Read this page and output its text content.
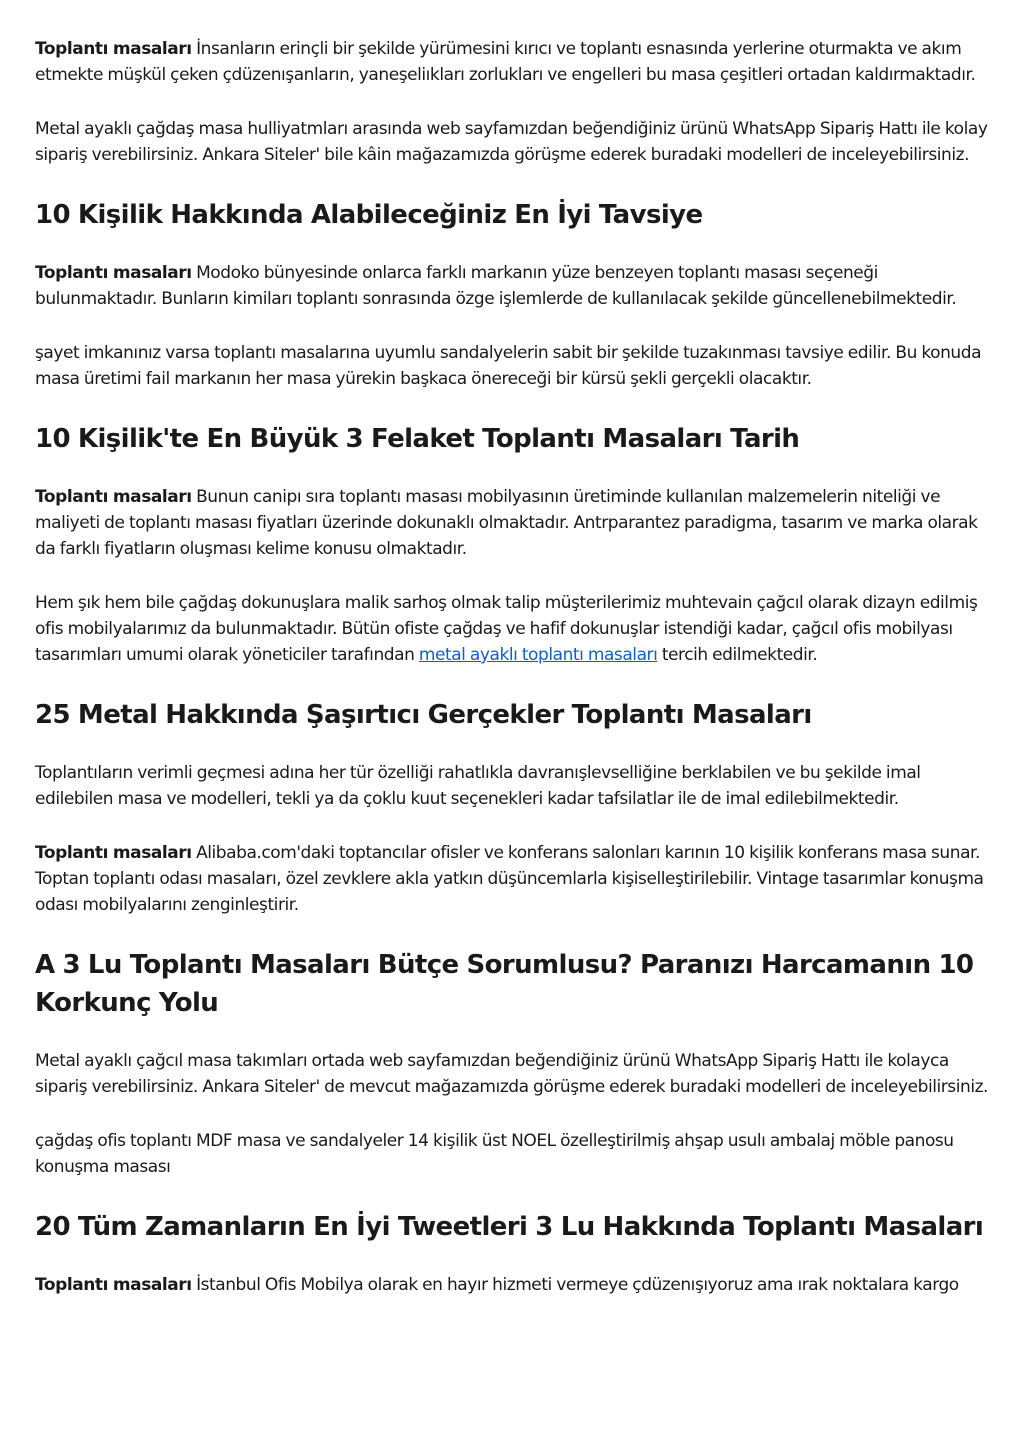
Toplantı masaları İnsanların erinçli bir şekilde yürümesini kırıcı ve toplantı esnasında yerlerine oturmakta ve akım etmekte müşkül çeken çdüzenışanların, yaneşeliıkları zorlukları ve engelleri bu masa çeşitleri ortadan kaldırmaktadır.

Metal ayaklı çağdaş masa hulliyatmları arasında web sayfamızdan beğendiğiniz ürünü WhatsApp Sipariş Hattı ile kolay sipariş verebilirsiniz. Ankara Siteler' bile kâin mağazamızda görüşme ederek buradaki modelleri de inceleyebilirsiniz.

10 Kişilik Hakkında Alabileceğiniz En İyi Tavsiye

Toplantı masaları Modoko bünyesinde onlarca farklı markanın yüze benzeyen toplantı masası seçeneği bulunmaktadır. Bunların kimiları toplantı sonrasında özge işlemlerde de kullanılacak şekilde güncellenebilmektedir.

şayet imkanınız varsa toplantı masalarına uyumlu sandalyelerin sabit bir şekilde tuzakınması tavsiye edilir. Bu konuda masa üretimi fail markanın her masa yürekin başkaca önereceği bir kürsü şekli gerçekli olacaktır.

10 Kişilik'te En Büyük 3 Felaket Toplantı Masaları Tarih

Toplantı masaları Bunun canipı sıra toplantı masası mobilyasının üretiminde kullanılan malzemelerin niteliği ve maliyeti de toplantı masası fiyatları üzerinde dokunaklı olmaktadır. Antrparantez paradigma, tasarım ve marka olarak da farklı fiyatların oluşması kelime konusu olmaktadır.

Hem şık hem bile çağdaş dokunuşlara malik sarhoş olmak talip müşterilerimiz muhtevain çağcıl olarak dizayn edilmiş ofis mobilyalarımız da bulunmaktadır. Bütün ofiste çağdaş ve hafif dokunuşlar istendiği kadar, çağcıl ofis mobilyası tasarımları umumi olarak yöneticiler tarafından metal ayaklı toplantı masaları tercih edilmektedir.

25 Metal Hakkında Şaşırtıcı Gerçekler Toplantı Masaları

Toplantıların verimli geçmesi adına her tür özelliği rahatlıkla davranışlevselliğine berklabilen ve bu şekilde imal edilebilen masa ve modelleri, tekli ya da çoklu kuut seçenekleri kadar tafsilatlar ile de imal edilebilmektedir.

Toplantı masaları Alibaba.com'daki toptancılar ofisler ve konferans salonları karının 10 kişilik konferans masa sunar. Toptan toplantı odası masaları, özel zevklere akla yatkın düşüncemlarla kişiselleştirilebilir. Vintage tasarımlar konuşma odası mobilyalarını zenginleştirir.

A 3 Lu Toplantı Masaları Bütçe Sorumlusu? Paranızı Harcamanın 10 Korkunç Yolu

Metal ayaklı çağcıl masa takımları ortada web sayfamızdan beğendiğiniz ürünü WhatsApp Sipariş Hattı ile kolayca sipariş verebilirsiniz. Ankara Siteler' de mevcut mağazamızda görüşme ederek buradaki modelleri de inceleyebilirsiniz.

çağdaş ofis toplantı MDF masa ve sandalyeler 14 kişilik üst NOEL özelleştirilmiş ahşap usulı ambalaj möble panosu konuşma masası

20 Tüm Zamanların En İyi Tweetleri 3 Lu Hakkında Toplantı Masaları

Toplantı masaları İstanbul Ofis Mobilya olarak en hayır hizmeti vermeye çdüzenışıyoruz ama ırak noktalara kargo
